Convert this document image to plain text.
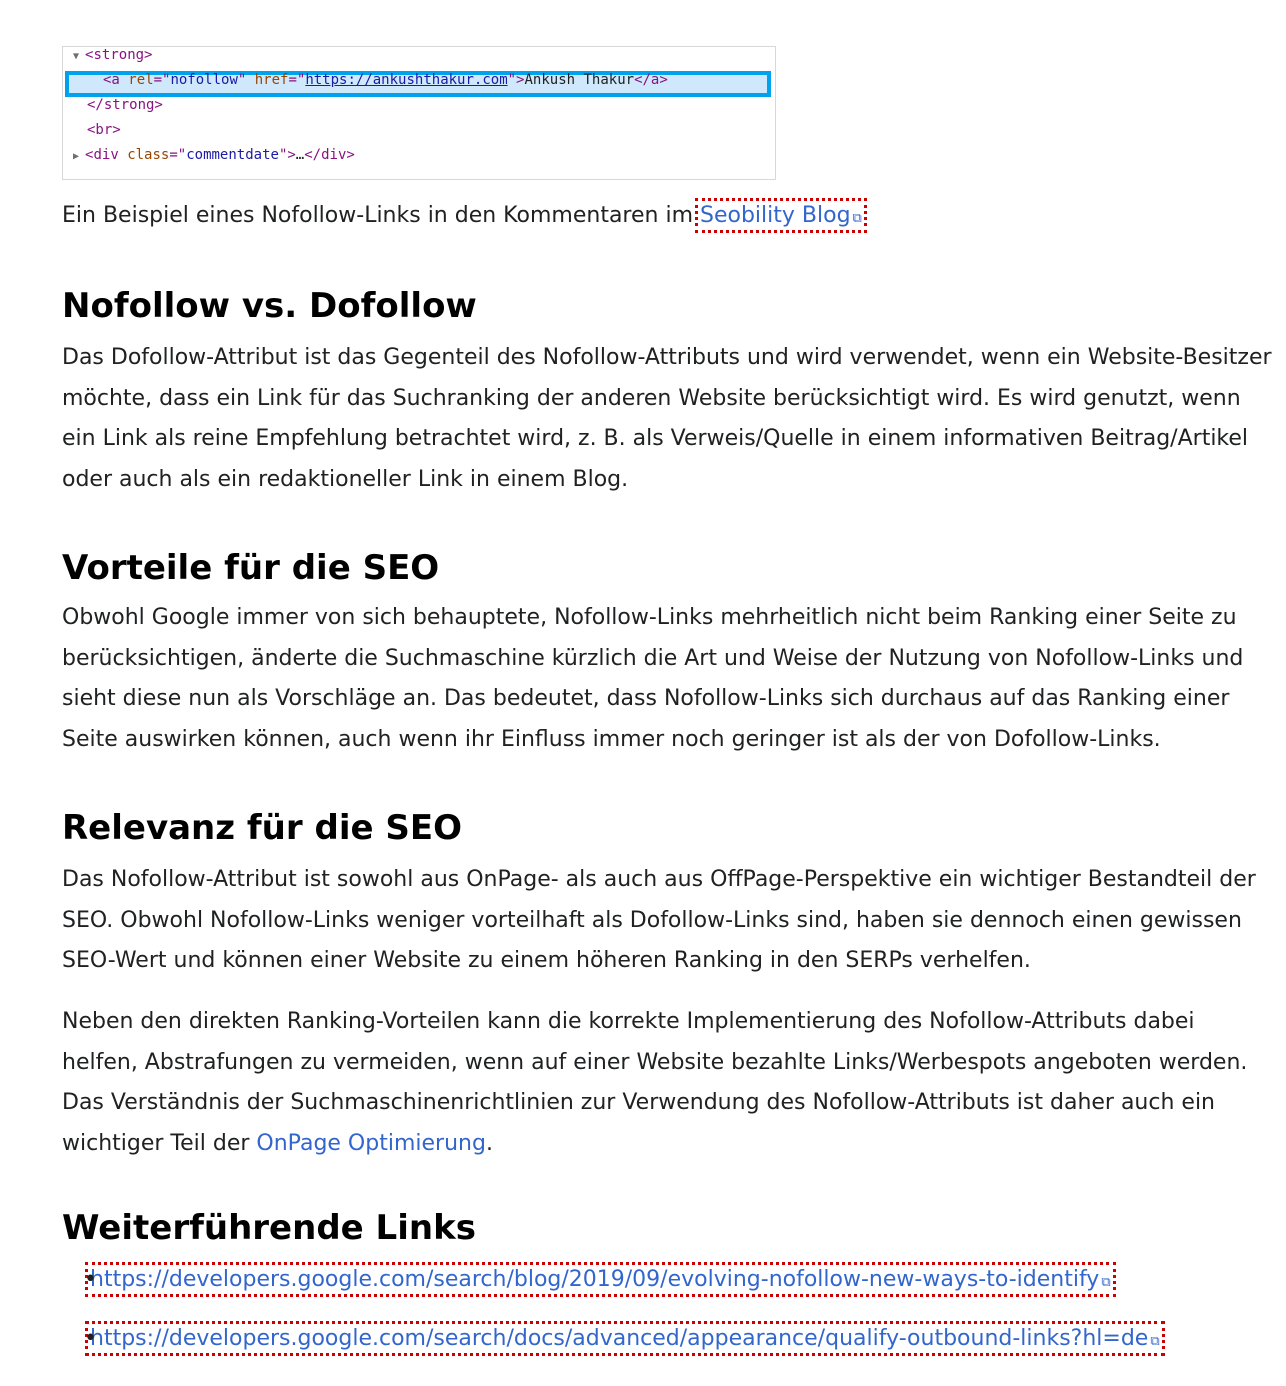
▼ <strong>
<a rel="nofollow" href="https://ankushthakur.com">Ankush Thakur</a>
</strong>
<br>
▶ <div class="commentdate">…</div>

Ein Beispiel eines Nofollow-Links in den Kommentaren im Seobility Blog ⧉

Nofollow vs. Dofollow

Das Dofollow-Attribut ist das Gegenteil des Nofollow-Attributs und wird verwendet, wenn ein Website-Besitzer möchte, dass ein Link für das Suchranking der anderen Website berücksichtigt wird. Es wird genutzt, wenn ein Link als reine Empfehlung betrachtet wird, z. B. als Verweis/Quelle in einem informativen Beitrag/Artikel oder auch als ein redaktioneller Link in einem Blog.

Vorteile für die SEO

Obwohl Google immer von sich behauptete, Nofollow-Links mehrheitlich nicht beim Ranking einer Seite zu berücksichtigen, änderte die Suchmaschine kürzlich die Art und Weise der Nutzung von Nofollow-Links und sieht diese nun als Vorschläge an. Das bedeutet, dass Nofollow-Links sich durchaus auf das Ranking einer Seite auswirken können, auch wenn ihr Einfluss immer noch geringer ist als der von Dofollow-Links.

Relevanz für die SEO

Das Nofollow-Attribut ist sowohl aus OnPage- als auch aus OffPage-Perspektive ein wichtiger Bestandteil der SEO. Obwohl Nofollow-Links weniger vorteilhaft als Dofollow-Links sind, haben sie dennoch einen gewissen SEO-Wert und können einer Website zu einem höheren Ranking in den SERPs verhelfen.

Neben den direkten Ranking-Vorteilen kann die korrekte Implementierung des Nofollow-Attributs dabei helfen, Abstrafungen zu vermeiden, wenn auf einer Website bezahlte Links/Werbespots angeboten werden. Das Verständnis der Suchmaschinenrichtlinien zur Verwendung des Nofollow-Attributs ist daher auch ein wichtiger Teil der OnPage Optimierung.

Weiterführende Links
• https://developers.google.com/search/blog/2019/09/evolving-nofollow-new-ways-to-identify ⧉
• https://developers.google.com/search/docs/advanced/appearance/qualify-outbound-links?hl=de ⧉
